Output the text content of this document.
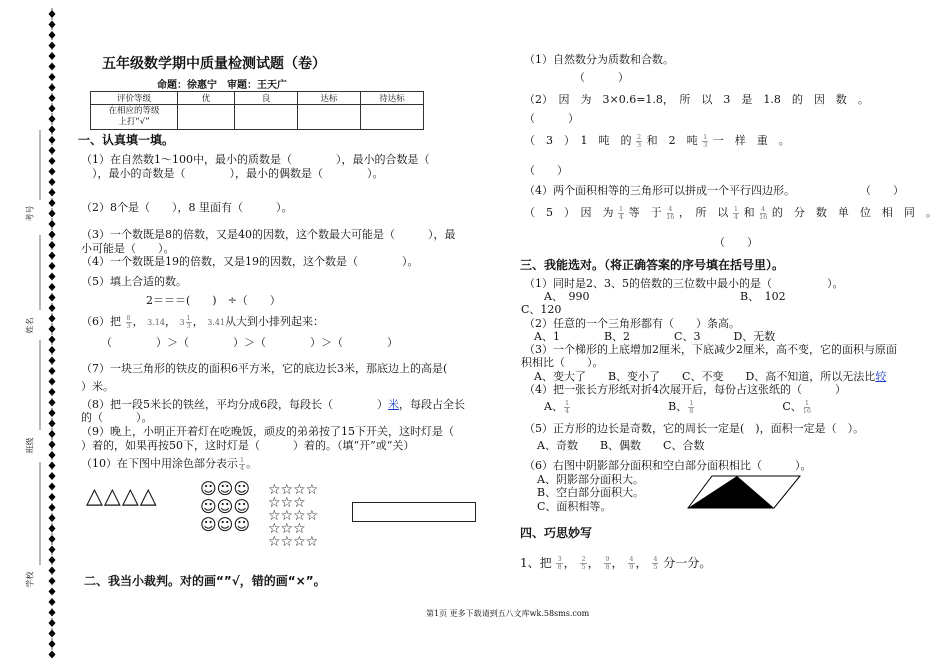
考号
姓名
班级
学校
五年级数学期中质量检测试题（卷）
命题：徐惠宁　审题：王天广
评价等级	优	良	达标	待达标
在相应的等级
上打“√”				
一、认真填一填。
（1）在自然数1～100中，最小的质数是（　　　　），最小的合数是（
　），最小的奇数是（　　　　），最小的偶数是（　　　　）。
（2）8个是（　　），8 里面有（　　　）。
（3）一个数既是8的倍数，又是40的因数，这个数最大可能是（　　　），最
小可能是（　　）。
（4）一个数既是19的倍数，又是19的因数，这个数是（　　　　）。
（5）填上合适的数。
2＝＝＝(　　)　÷（　　）
（6）把 $\frac{8}{3}$ ， 3.14， $3 \frac{1}{3}$ ， 3.41从大到小排列起来：
（　　　　）＞（　　　　）＞（　　　　）＞（　　　　）
（7）一块三角形的铁皮的面积6平方米，它的底边长3米，那底边上的高是(
）米。
（8）把一段5米长的铁丝，平均分成6段，每段长（　　　　）米，每段占全长
的（　　　）。
（9）晚上，小明正开着灯在吃晚饭，顽皮的弟弟按了15下开关，这时灯是（
）着的，如果再按50下，这时灯是（　　　）着的。（填“开”或“关）
（10）在下图中用涂色部分表示 $\frac{1}{4}$ 。
△△△△	☺☺☺
☺☺☺
☺☺☺
☆☆☆☆
☆☆☆
☆☆☆☆
☆☆☆
☆☆☆☆
二、我当小裁判。对的画“”√，错的画“×”。
（1）自然数分为质数和合数。
（　　　）
（2）　因　为　3×0.6=1.8，　所　以　3　是　1.8　的　因　数　。
（　　　）
（　3　）　1　吨　的 $\frac{2}{3}$ 和　2　吨 $\frac{1}{3}$ 一　样　重　。
（　　）
（4）两个面积相等的三角形可以拼成一个平行四边形。	（　　）
（　5　）　因　为 $\frac{1}{4}$ 等　于 $\frac{4}{16}$ ，　所　以 $\frac{1}{4}$ 和 $\frac{4}{16}$ 的　分　数　单　位　相　同　。
（　　）
三、我能选对。（将正确答案的序号填在括号里）。
（1）同时是2、3、5的倍数的三位数中最小的是（　　　　　）。
A、　990	B、　102
C、120
（2）任意的一个三角形都有（　　）条高。
A、1　　　　B、2　　　　C、3　　　D、无数
（3）一个梯形的上底增加2厘米，下底减少2厘米，高不变，它的面积与原面
积相比（　　）。
A、变大了　　B、变小了　　C、不变　　D、高不知道，所以无法比较
（4）把一张长方形纸对折4次展开后，每份占这张纸的（　　　）
A、 $\frac{1}{4}$	B、 $\frac{1}{8}$	C、 $\frac{1}{16}$
（5）正方形的边长是奇数，它的周长一定是(　)，面积一定是（　）。
A、奇数　　B、偶数　　C、合数
（6）右图中阴影部分面积和空白部分面积相比（　　　）。
A、阴影部分面积大。
B、空白部分面积大。
C、面积相等。
四、巧思妙写
1、把 $\frac{3}{8}$ ， $\frac{2}{5}$ ， $\frac{9}{8}$ ， $\frac{4}{9}$ ， $\frac{4}{5}$ 分一分。
第1页 更多下载请到五八文库wk.58sms.com
